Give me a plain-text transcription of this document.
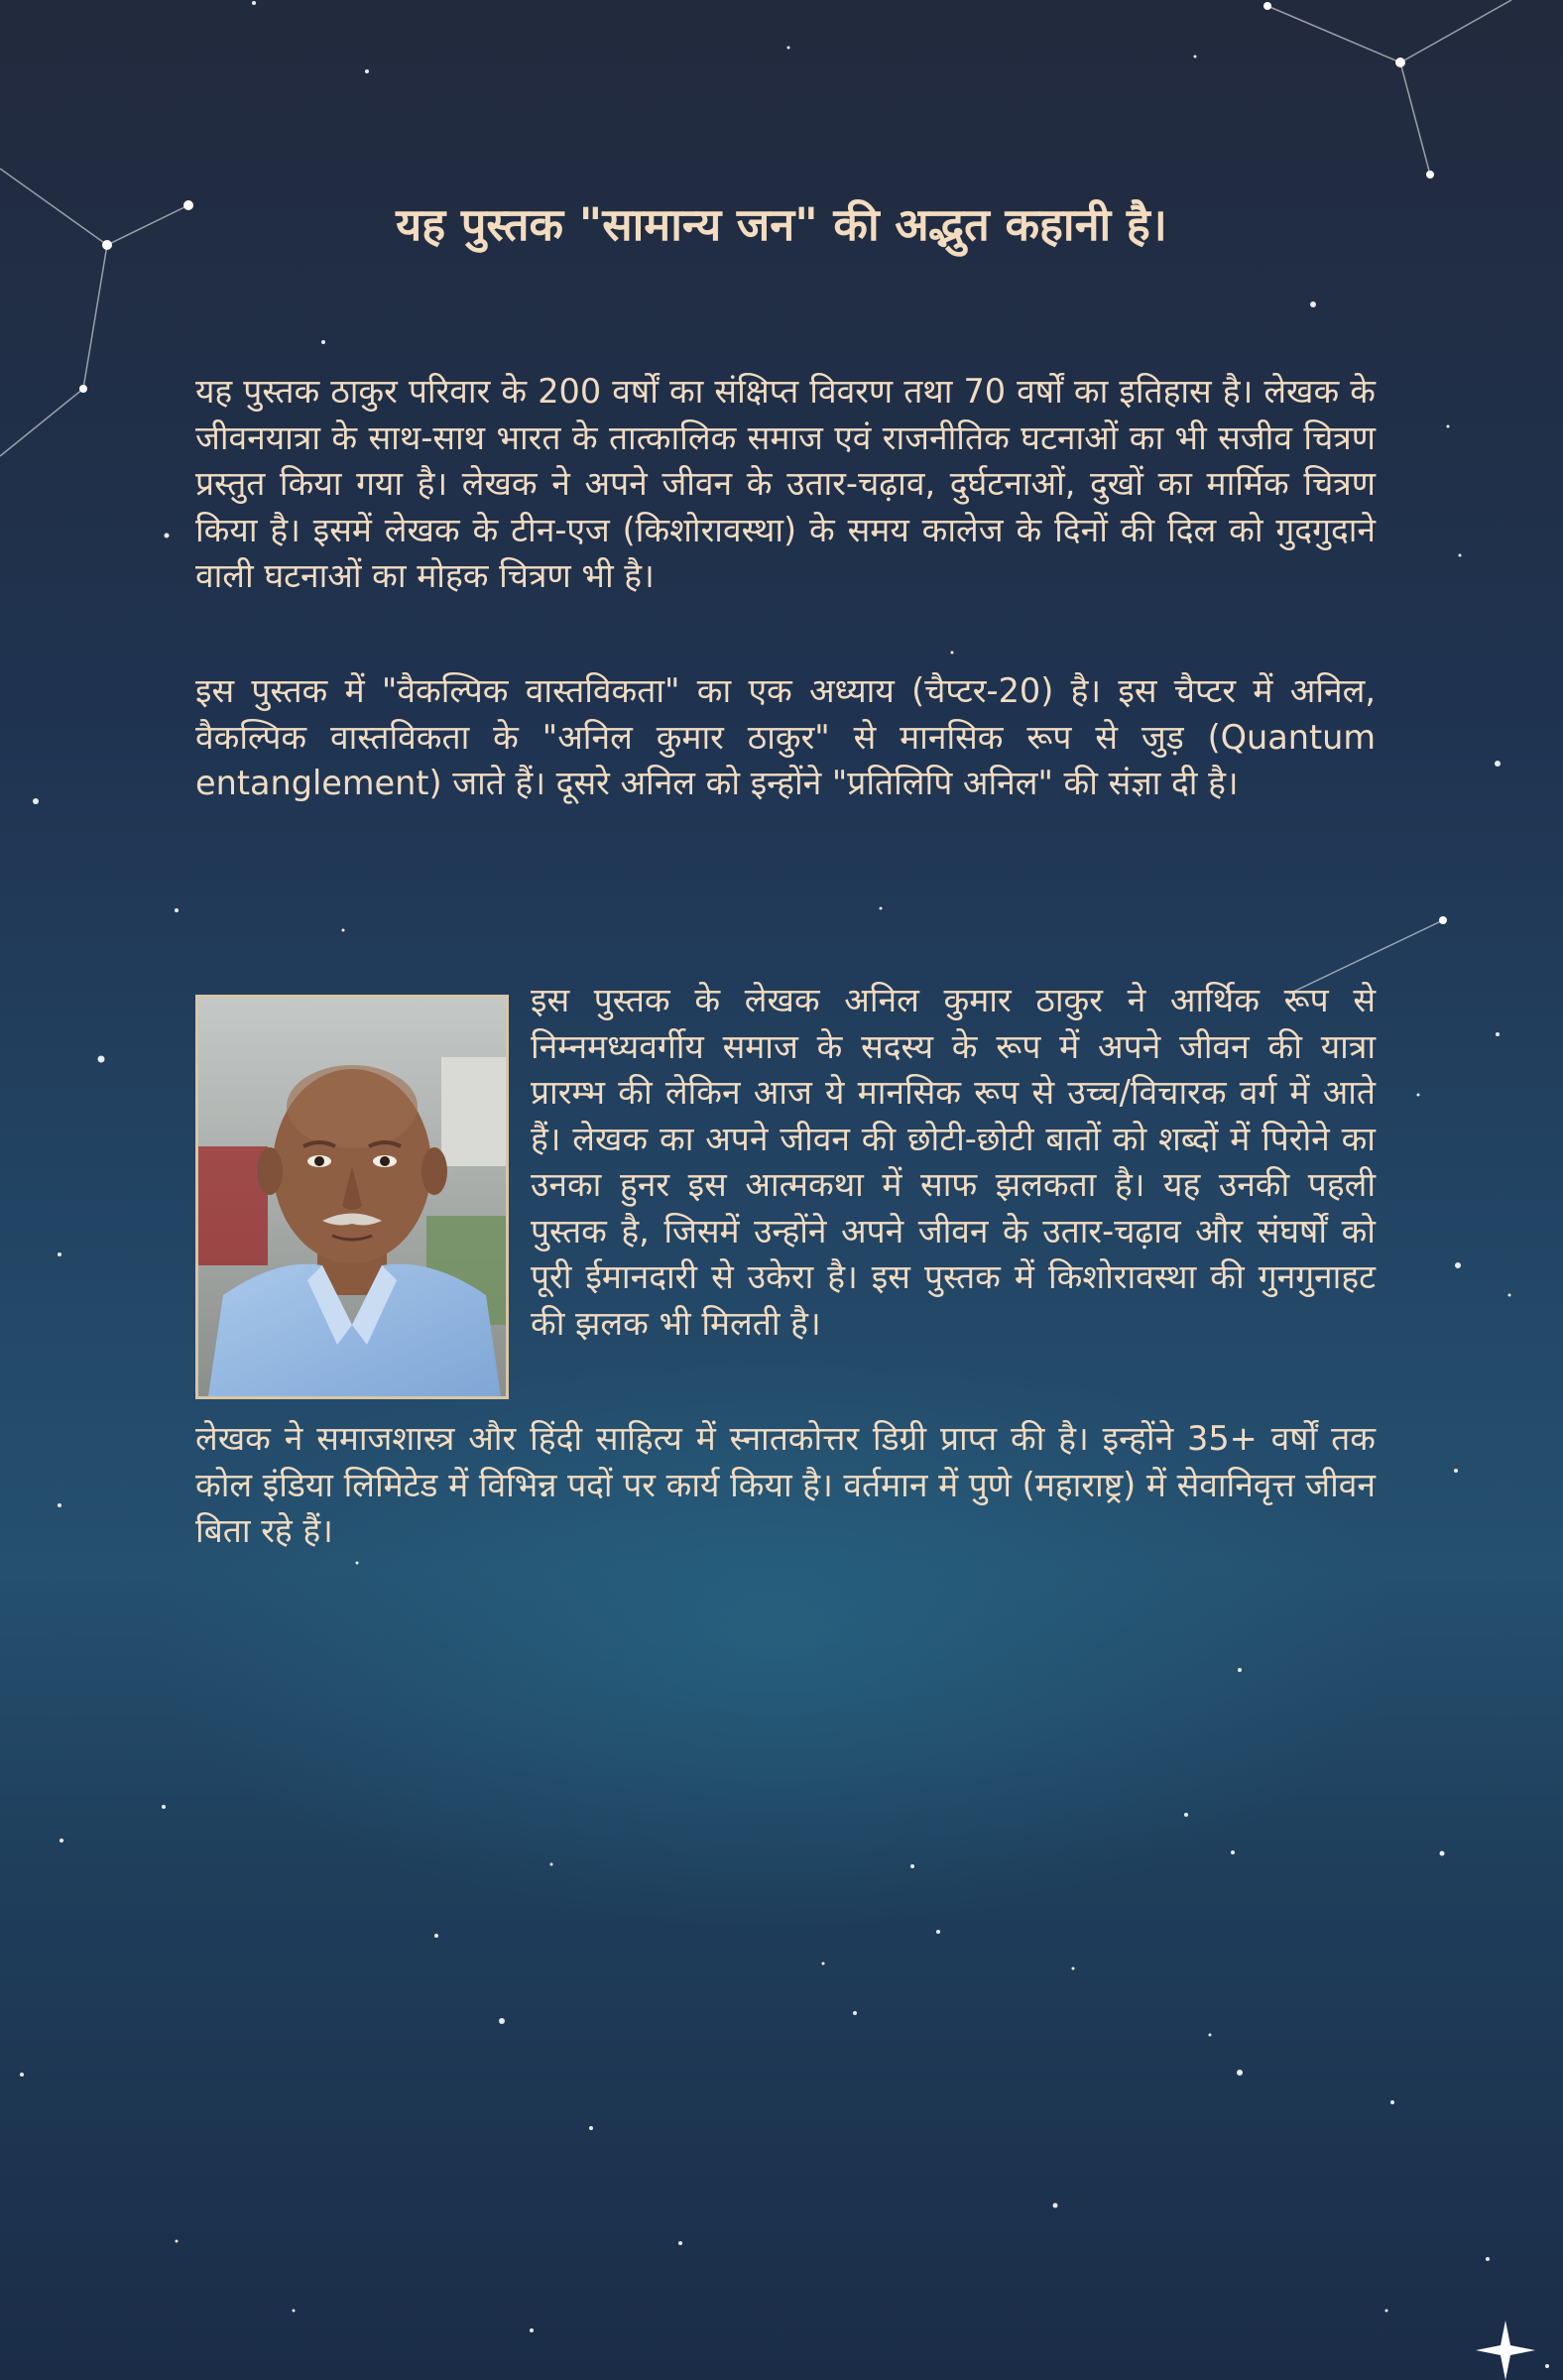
यह पुस्तक "सामान्य जन" की अद्भुत कहानी है।

यह पुस्तक ठाकुर परिवार के 200 वर्षों का संक्षिप्त विवरण तथा 70 वर्षों का इतिहास है। लेखक के जीवनयात्रा के साथ-साथ भारत के तात्कालिक समाज एवं राजनीतिक घटनाओं का भी सजीव चित्रण प्रस्तुत किया गया है। लेखक ने अपने जीवन के उतार-चढ़ाव, दुर्घटनाओं, दुखों का मार्मिक चित्रण किया है। इसमें लेखक के टीन-एज (किशोरावस्था) के समय कालेज के दिनों की दिल को गुदगुदाने वाली घटनाओं का मोहक चित्रण भी है।

इस पुस्तक में "वैकल्पिक वास्तविकता" का एक अध्याय (चैप्टर-20) है। इस चैप्टर में अनिल, वैकल्पिक वास्तविकता के "अनिल कुमार ठाकुर" से मानसिक रूप से जुड़ (Quantum entanglement) जाते हैं। दूसरे अनिल को इन्होंने "प्रतिलिपि अनिल" की संज्ञा दी है।

इस पुस्तक के लेखक अनिल कुमार ठाकुर ने आर्थिक रूप से निम्नमध्यवर्गीय समाज के सदस्य के रूप में अपने जीवन की यात्रा प्रारम्भ की लेकिन आज ये मानसिक रूप से उच्च/विचारक वर्ग में आते हैं। लेखक का अपने जीवन की छोटी-छोटी बातों को शब्दों में पिरोने का उनका हुनर इस आत्मकथा में साफ झलकता है। यह उनकी पहली पुस्तक है, जिसमें उन्होंने अपने जीवन के उतार-चढ़ाव और संघर्षों को पूरी ईमानदारी से उकेरा है। इस पुस्तक में किशोरावस्था की गुनगुनाहट की झलक भी मिलती है।

लेखक ने समाजशास्त्र और हिंदी साहित्य में स्नातकोत्तर डिग्री प्राप्त की है। इन्होंने 35+ वर्षों तक कोल इंडिया लिमिटेड में विभिन्न पदों पर कार्य किया है। वर्तमान में पुणे (महाराष्ट्र) में सेवानिवृत्त जीवन बिता रहे हैं।
